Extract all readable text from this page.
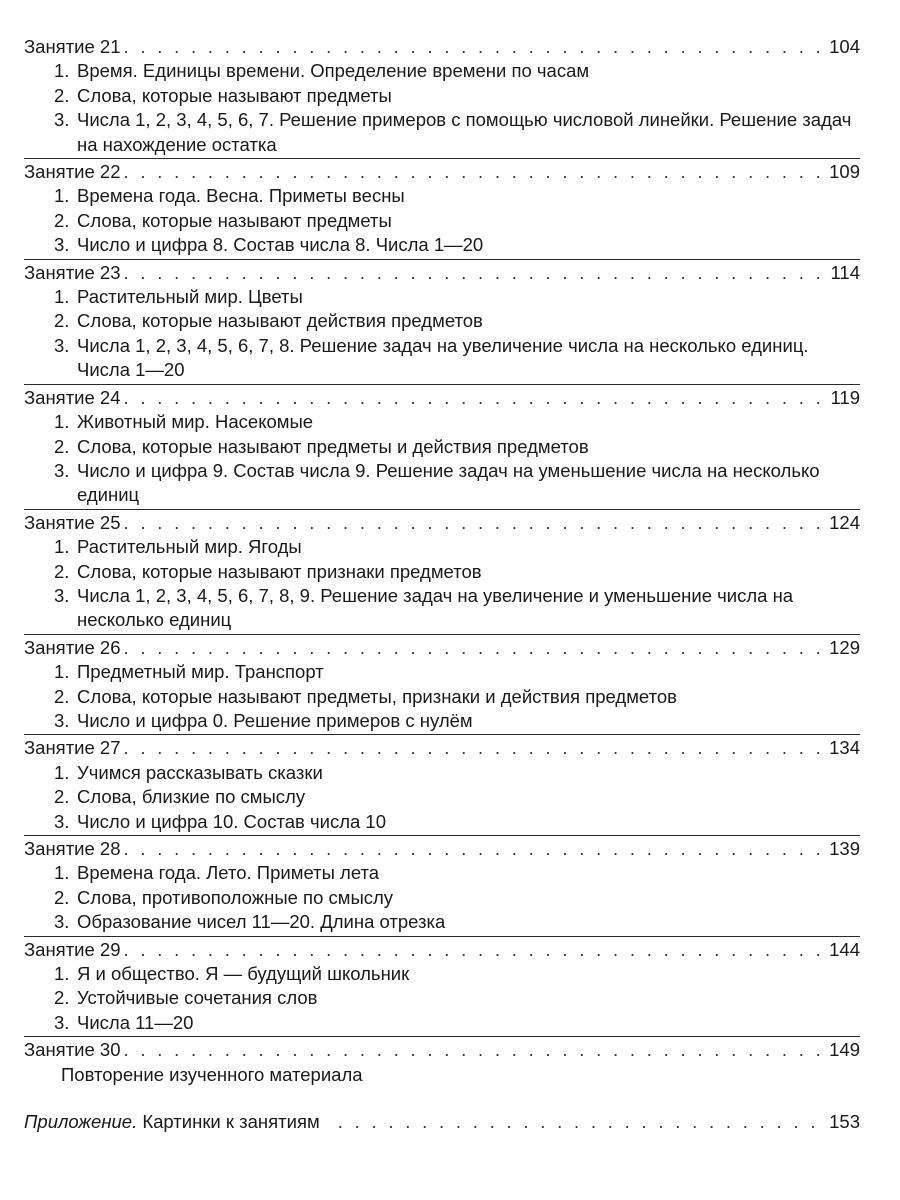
Занятие 21 . . .	104
1. Время. Единицы времени. Определение времени по часам
2. Слова, которые называют предметы
3. Числа 1, 2, 3, 4, 5, 6, 7. Решение примеров с помощью числовой линейки. Решение задач на нахождение остатка
Занятие 22 . . .	109
1. Времена года. Весна. Приметы весны
2. Слова, которые называют предметы
3. Число и цифра 8. Состав числа 8. Числа 1—20
Занятие 23 . . .	114
1. Растительный мир. Цветы
2. Слова, которые называют действия предметов
3. Числа 1, 2, 3, 4, 5, 6, 7, 8. Решение задач на увеличение числа на несколько единиц. Числа 1—20
Занятие 24 . . .	119
1. Животный мир. Насекомые
2. Слова, которые называют предметы и действия предметов
3. Число и цифра 9. Состав числа 9. Решение задач на уменьшение числа на несколько единиц
Занятие 25 . . .	124
1. Растительный мир. Ягоды
2. Слова, которые называют признаки предметов
3. Числа 1, 2, 3, 4, 5, 6, 7, 8, 9. Решение задач на увеличение и уменьшение числа на несколько единиц
Занятие 26 . . .	129
1. Предметный мир. Транспорт
2. Слова, которые называют предметы, признаки и действия предметов
3. Число и цифра 0. Решение примеров с нулём
Занятие 27 . . .	134
1. Учимся рассказывать сказки
2. Слова, близкие по смыслу
3. Число и цифра 10. Состав числа 10
Занятие 28 . . .	139
1. Времена года. Лето. Приметы лета
2. Слова, противоположные по смыслу
3. Образование чисел 11—20. Длина отрезка
Занятие 29 . . .	144
1. Я и общество. Я — будущий школьник
2. Устойчивые сочетания слов
3. Числа 11—20
Занятие 30 . . .	149
Повторение изученного материала
Приложение. Картинки к занятиям . . .	153
